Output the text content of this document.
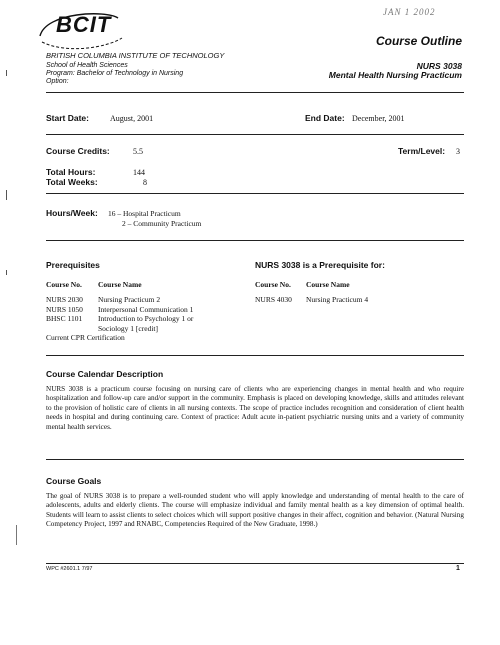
BCIT	JAN 1 2002
BRITISH COLUMBIA INSTITUTE OF TECHNOLOGY
School of Health Sciences
Program: Bachelor of Technology in Nursing
Option:
Course Outline
NURS 3038
Mental Health Nursing Practicum
Start Date:	August, 2001	End Date: December, 2001
Course Credits:	5.5	Term/Level: 3
Total Hours:	144
Total Weeks:	8
Hours/Week: 16 – Hospital Practicum
2 – Community Practicum
Prerequisites
Course No. Course Name
NURS 2030	Nursing Practicum 2
NURS 1050	Interpersonal Communication 1
BHSC 1101	Introduction to Psychology 1 or
Sociology 1 [credit]
Current CPR Certification
NURS 3038 is a Prerequisite for:
Course No. Course Name
NURS 4030	Nursing Practicum 4
Course Calendar Description
NURS 3038 is a practicum course focusing on nursing care of clients who are experiencing changes in mental health and who require hospitalization and follow-up care and/or support in the community. Emphasis is placed on developing knowledge, skills and attitudes relevant to the provision of holistic care of clients in all nursing contexts. The scope of practice includes recognition and consideration of client health needs in hospital and during continuing care. Context of practice: Adult acute in-patient psychiatric nursing units and a variety of community mental health services.
Course Goals
The goal of NURS 3038 is to prepare a well-rounded student who will apply knowledge and understanding of mental health to the care of adolescents, adults and elderly clients. The course will emphasize individual and family mental health as a key dimension of optimal health. Students will learn to assist clients to select choices which will support positive changes in their affect, cognition and behavior. (Natural Nursing Competency Project, 1997 and RNABC, Competencies Required of the New Graduate, 1998.)
WPC #2601.1 7/97	1
